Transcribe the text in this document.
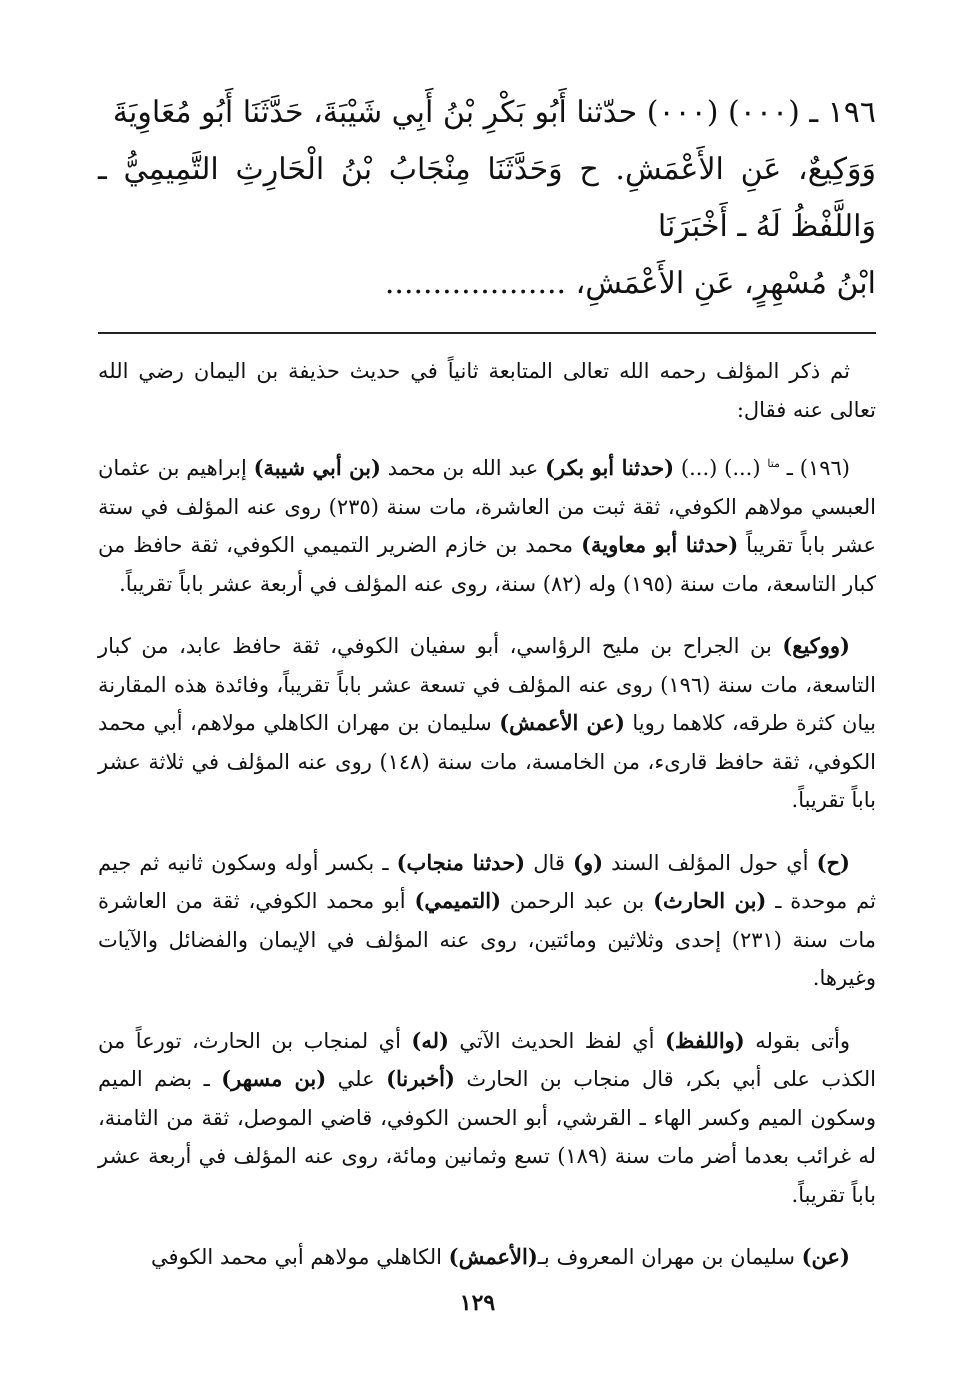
١٩٦ ـ (٠٠٠) (٠٠٠) حدّثنا أَبُو بَكْرِ بْنُ أَبِي شَيْبَةَ، حَدَّثَنَا أَبُو مُعَاوِيَةَ
وَوَكِيعٌ، عَنِ الأَعْمَشِ. ح وَحَدَّثَنَا مِنْجَابُ بْنُ الْحَارِثِ التَّمِيمِيُّ ـ وَاللَّفْظُ لَهُ ـ أَخْبَرَنَا
ابْنُ مُسْهِرٍ، عَنِ الأَعْمَشِ، ...................

ثم ذكر المؤلف رحمه الله تعالى المتابعة ثانياً في حديث حذيفة بن اليمان رضي الله تعالى عنه فقال:

(١٩٦) ـ $^{متا}$ (...) (...) (حدثنا أبو بكر) عبد الله بن محمد (بن أبي شيبة) إبراهيم بن عثمان العبسي مولاهم الكوفي، ثقة ثبت من العاشرة، مات سنة (٢٣٥) روى عنه المؤلف في ستة عشر باباً تقريباً (حدثنا أبو معاوية) محمد بن خازم الضرير التميمي الكوفي، ثقة حافظ من كبار التاسعة، مات سنة (١٩٥) وله (٨٢) سنة، روى عنه المؤلف في أربعة عشر باباً تقريباً.

(ووكيع) بن الجراح بن مليح الرؤاسي، أبو سفيان الكوفي، ثقة حافظ عابد، من كبار التاسعة، مات سنة (١٩٦) روى عنه المؤلف في تسعة عشر باباً تقريباً، وفائدة هذه المقارنة بيان كثرة طرقه، كلاهما رويا (عن الأعمش) سليمان بن مهران الكاهلي مولاهم، أبي محمد الكوفي، ثقة حافظ قارىء، من الخامسة، مات سنة (١٤٨) روى عنه المؤلف في ثلاثة عشر باباً تقريباً.

(ح) أي حول المؤلف السند (و) قال (حدثنا منجاب) ـ بكسر أوله وسكون ثانيه ثم جيم ثم موحدة ـ (بن الحارث) بن عبد الرحمن (التميمي) أبو محمد الكوفي، ثقة من العاشرة مات سنة (٢٣١) إحدى وثلاثين ومائتين، روى عنه المؤلف في الإيمان والفضائل والآيات وغيرها.

وأتى بقوله (واللفظ) أي لفظ الحديث الآتي (له) أي لمنجاب بن الحارث، تورعاً من الكذب على أبي بكر، قال منجاب بن الحارث (أخبرنا) علي (بن مسهر) ـ بضم الميم وسكون الميم وكسر الهاء ـ القرشي، أبو الحسن الكوفي، قاضي الموصل، ثقة من الثامنة، له غرائب بعدما أضر مات سنة (١٨٩) تسع وثمانين ومائة، روى عنه المؤلف في أربعة عشر باباً تقريباً.

(عن) سليمان بن مهران المعروف بـ(الأعمش) الكاهلي مولاهم أبي محمد الكوفي

١٢٩
